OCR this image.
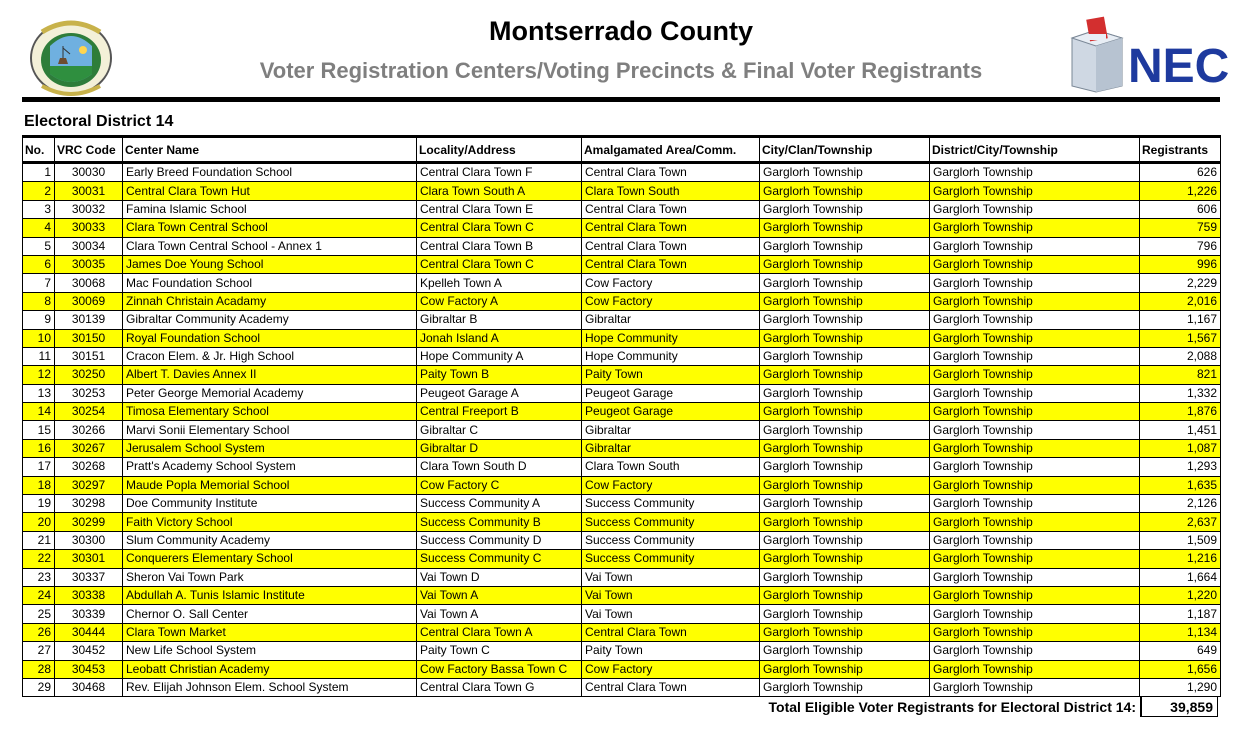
Montserrado County
Voter Registration Centers/Voting Precincts & Final Voter Registrants	NEC
Electoral District 14
No.	VRC Code	Center Name	Locality/Address	Amalgamated Area/Comm.	City/Clan/Township	District/City/Township	Registrants
1	30030	Early Breed Foundation School	Central Clara Town F	Central Clara Town	Garglorh Township	Garglorh Township	626
2	30031	Central Clara Town Hut	Clara Town South A	Clara Town South	Garglorh Township	Garglorh Township	1,226
3	30032	Famina Islamic School	Central Clara Town E	Central Clara Town	Garglorh Township	Garglorh Township	606
4	30033	Clara Town Central School	Central Clara Town C	Central Clara Town	Garglorh Township	Garglorh Township	759
5	30034	Clara Town Central School - Annex 1	Central Clara Town B	Central Clara Town	Garglorh Township	Garglorh Township	796
6	30035	James Doe Young School	Central Clara Town C	Central Clara Town	Garglorh Township	Garglorh Township	996
7	30068	Mac Foundation School	Kpelleh Town A	Cow Factory	Garglorh Township	Garglorh Township	2,229
8	30069	Zinnah Christain Acadamy	Cow Factory A	Cow Factory	Garglorh Township	Garglorh Township	2,016
9	30139	Gibraltar Community Academy	Gibraltar B	Gibraltar	Garglorh Township	Garglorh Township	1,167
10	30150	Royal Foundation School	Jonah Island A	Hope Community	Garglorh Township	Garglorh Township	1,567
11	30151	Cracon Elem. & Jr. High School	Hope Community A	Hope Community	Garglorh Township	Garglorh Township	2,088
12	30250	Albert T. Davies Annex II	Paity Town B	Paity Town	Garglorh Township	Garglorh Township	821
13	30253	Peter George Memorial Academy	Peugeot Garage A	Peugeot Garage	Garglorh Township	Garglorh Township	1,332
14	30254	Timosa Elementary School	Central Freeport B	Peugeot Garage	Garglorh Township	Garglorh Township	1,876
15	30266	Marvi Sonii Elementary School	Gibraltar C	Gibraltar	Garglorh Township	Garglorh Township	1,451
16	30267	Jerusalem School System	Gibraltar D	Gibraltar	Garglorh Township	Garglorh Township	1,087
17	30268	Pratt's Academy School System	Clara Town South D	Clara Town South	Garglorh Township	Garglorh Township	1,293
18	30297	Maude Popla Memorial School	Cow Factory C	Cow Factory	Garglorh Township	Garglorh Township	1,635
19	30298	Doe Community Institute	Success Community A	Success Community	Garglorh Township	Garglorh Township	2,126
20	30299	Faith Victory School	Success Community B	Success Community	Garglorh Township	Garglorh Township	2,637
21	30300	Slum Community Academy	Success Community D	Success Community	Garglorh Township	Garglorh Township	1,509
22	30301	Conquerers Elementary School	Success Community C	Success Community	Garglorh Township	Garglorh Township	1,216
23	30337	Sheron Vai Town Park	Vai Town D	Vai Town	Garglorh Township	Garglorh Township	1,664
24	30338	Abdullah A. Tunis Islamic Institute	Vai Town A	Vai Town	Garglorh Township	Garglorh Township	1,220
25	30339	Chernor O. Sall Center	Vai Town A	Vai Town	Garglorh Township	Garglorh Township	1,187
26	30444	Clara Town Market	Central Clara Town A	Central Clara Town	Garglorh Township	Garglorh Township	1,134
27	30452	New Life School System	Paity Town C	Paity Town	Garglorh Township	Garglorh Township	649
28	30453	Leobatt Christian Academy	Cow Factory Bassa Town C	Cow Factory	Garglorh Township	Garglorh Township	1,656
29	30468	Rev. Elijah Johnson Elem. School System	Central Clara Town G	Central Clara Town	Garglorh Township	Garglorh Township	1,290
Total Eligible Voter Registrants for Electoral District 14:	39,859
